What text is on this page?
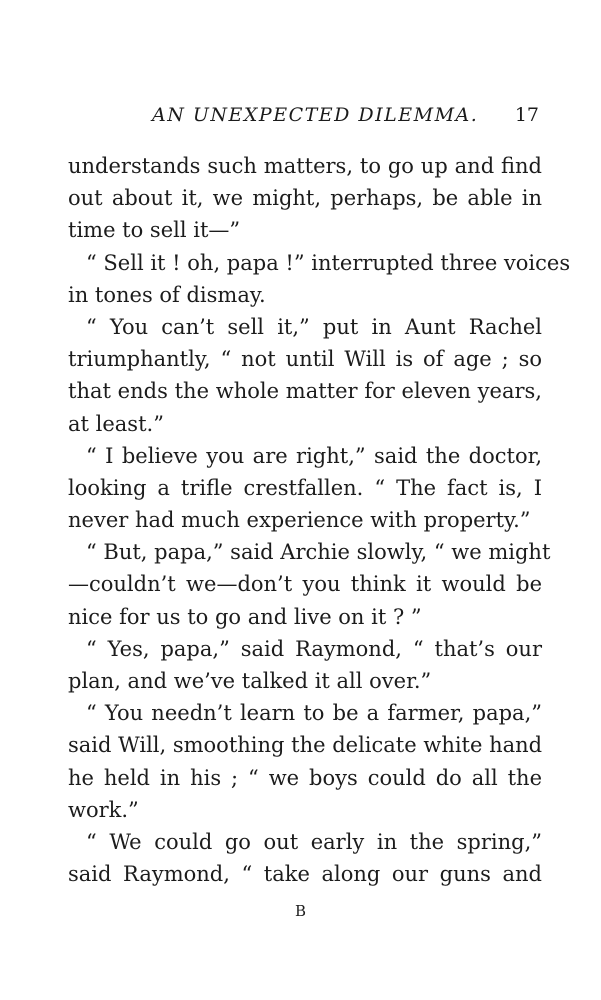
AN UNEXPECTED DILEMMA. 17
understands such matters, to go up and find
out about it, we might, perhaps, be able in
time to sell it—”
“ Sell it ! oh, papa !” interrupted three voices
in tones of dismay.
“ You can’t sell it,” put in Aunt Rachel
triumphantly, “ not until Will is of age ; so
that ends the whole matter for eleven years,
at least.”
“ I believe you are right,” said the doctor,
looking a trifle crestfallen. “ The fact is, I
never had much experience with property.”
“ But, papa,” said Archie slowly, “ we might
—couldn’t we—don’t you think it would be
nice for us to go and live on it ? ”
“ Yes, papa,” said Raymond, “ that’s our
plan, and we’ve talked it all over.”
“ You needn’t learn to be a farmer, papa,”
said Will, smoothing the delicate white hand
he held in his ; “ we boys could do all the
work.”
“ We could go out early in the spring,”
said Raymond, “ take along our guns and
B
